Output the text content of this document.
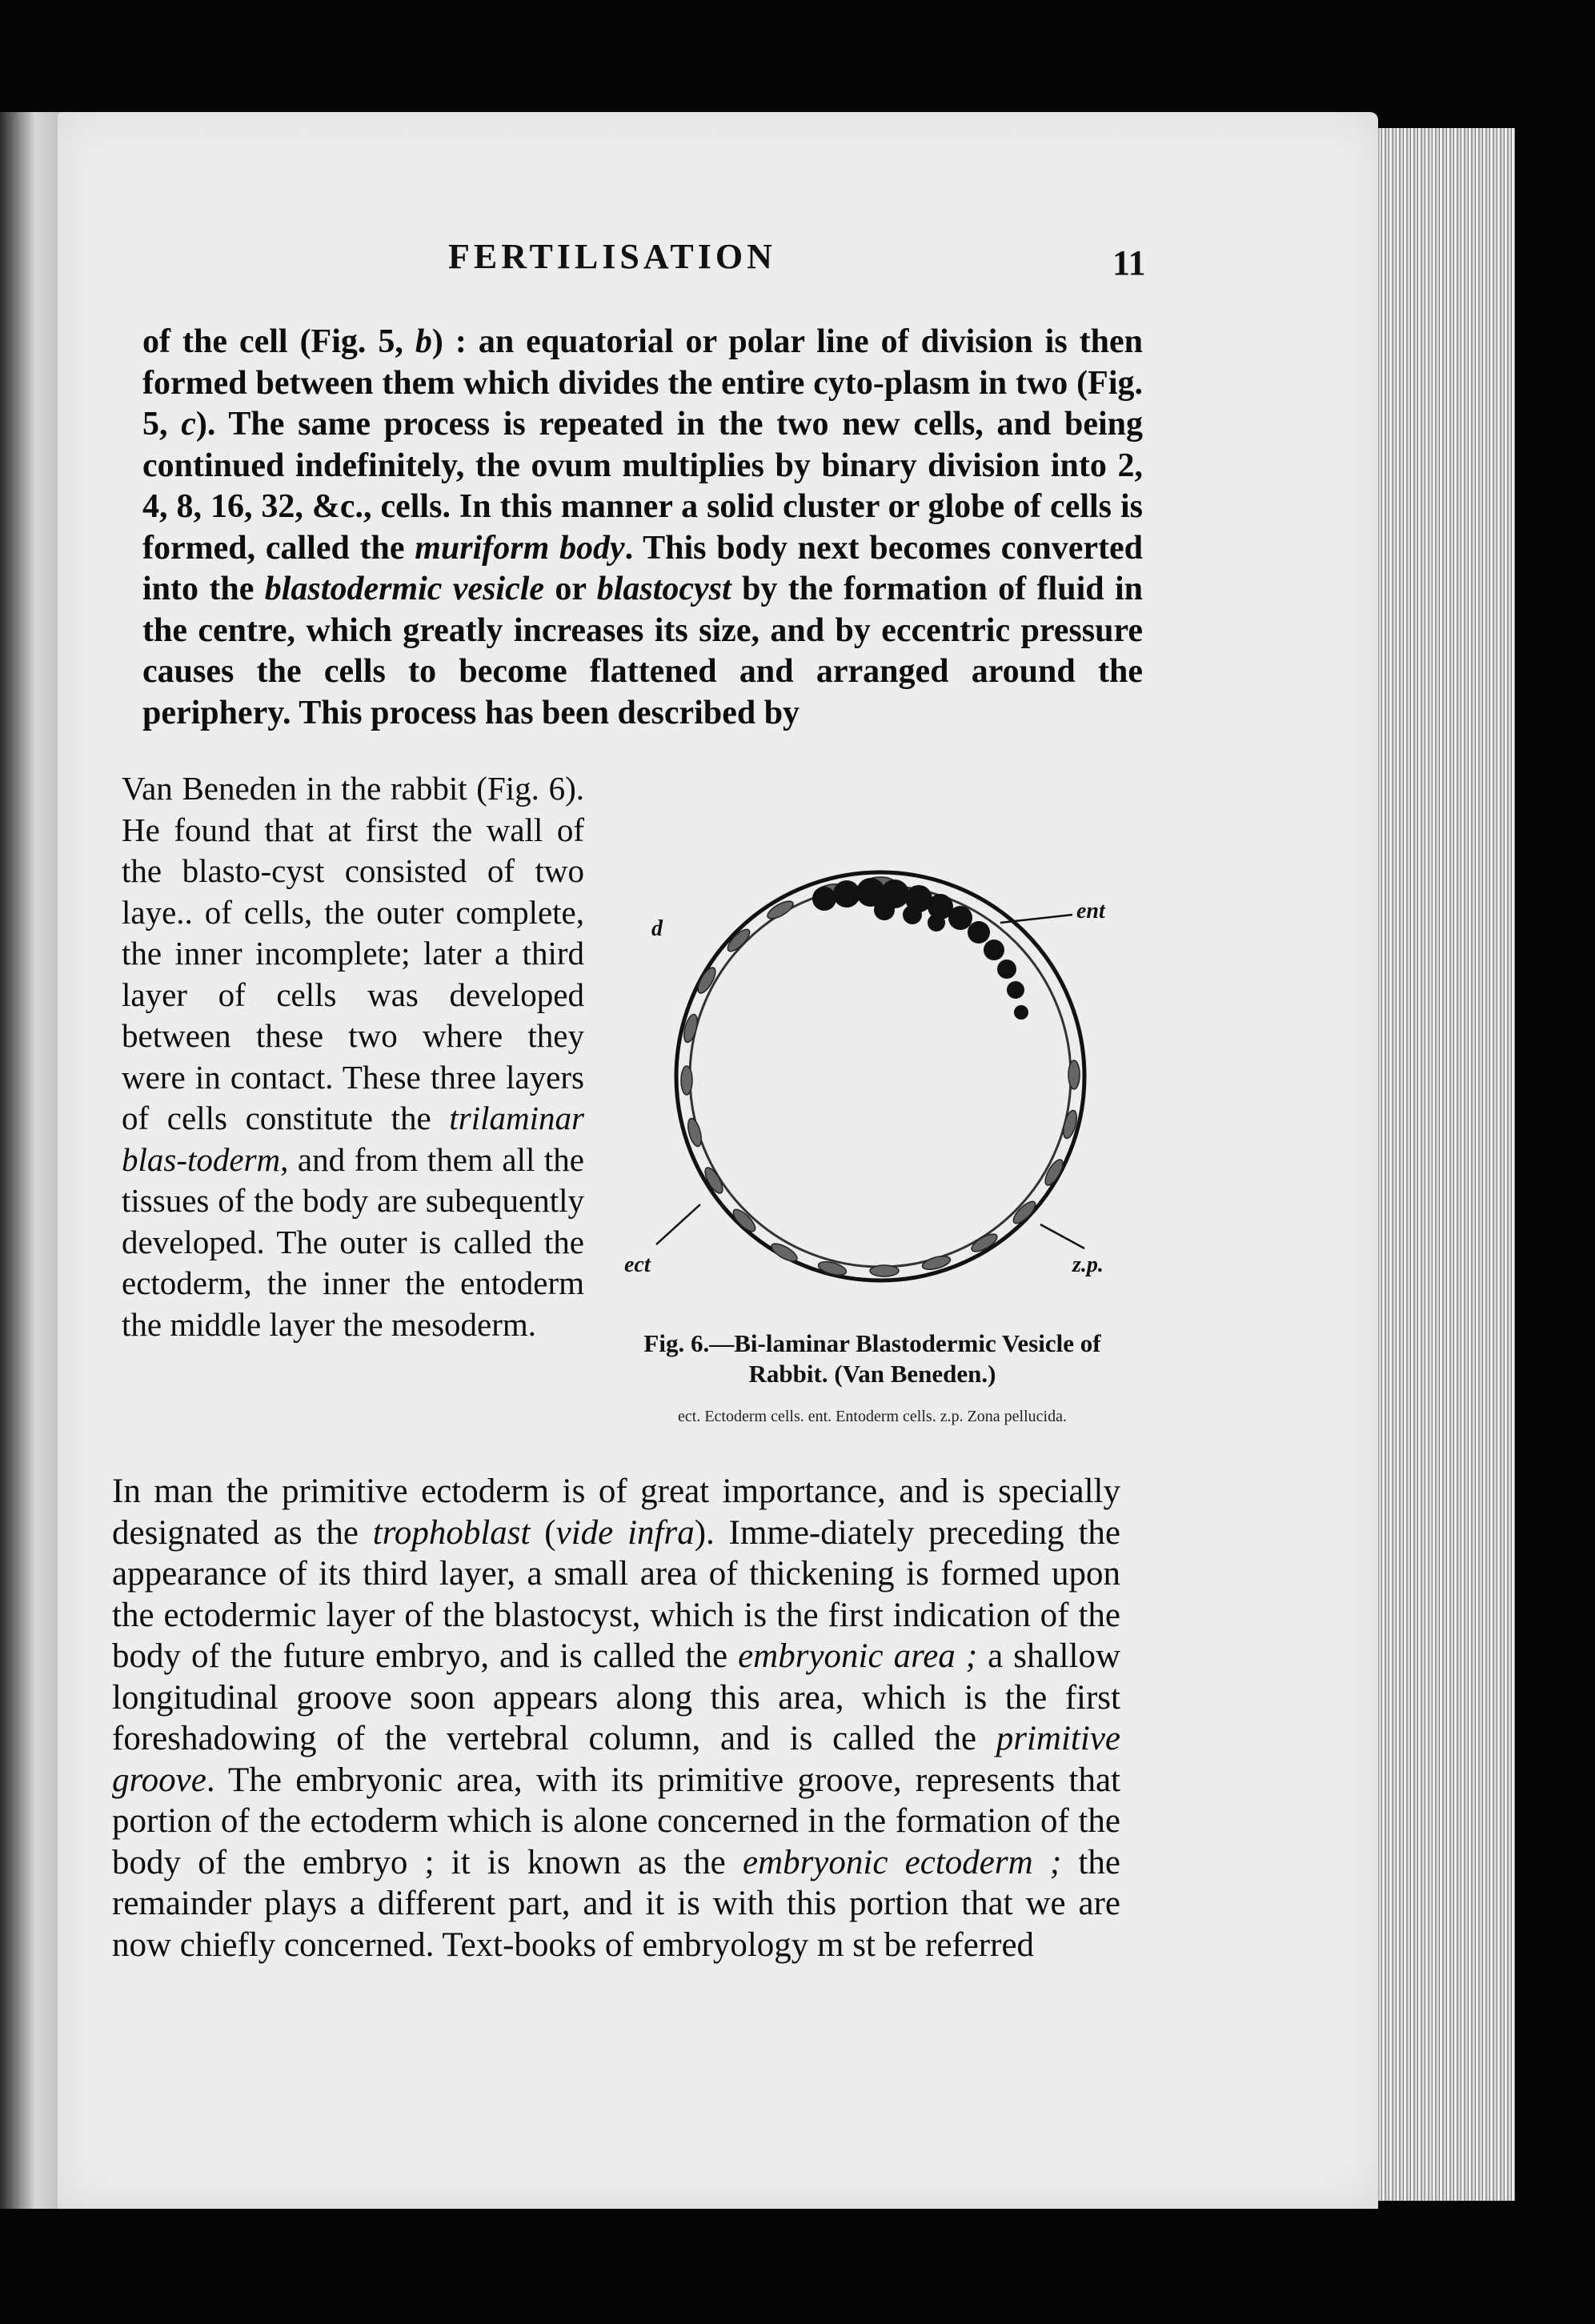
FERTILISATION	11

of the cell (Fig. 5, b) : an equatorial or polar line of division is then formed between them which divides the entire cyto-plasm in two (Fig. 5, c). The same process is repeated in the two new cells, and being continued indefinitely, the ovum multiplies by binary division into 2, 4, 8, 16, 32, &c., cells. In this manner a solid cluster or globe of cells is formed, called the muriform body. This body next becomes converted into the blastodermic vesicle or blastocyst by the formation of fluid in the centre, which greatly increases its size, and by eccentric pressure causes the cells to become flattened and arranged around the periphery. This process has been described by

Van Beneden in the rabbit (Fig. 6). He found that at first the wall of the blasto-cyst consisted of two laye.. of cells, the outer complete, the inner incomplete; later a third layer of cells was developed between these two where they were in contact. These three layers of cells constitute the trilaminar blas-toderm, and from them all the tissues of the body are subequently developed. The outer is called the ectoderm, the inner the entoderm the middle layer the mesoderm.

d
ent
ect	z.p.
Fig. 6.—Bi-laminar Blastodermic Vesicle of Rabbit. (Van Beneden.)
ect. Ectoderm cells. ent. Entoderm cells. z.p. Zona pellucida.

In man the primitive ectoderm is of great importance, and is specially designated as the trophoblast (vide infra). Imme-diately preceding the appearance of its third layer, a small area of thickening is formed upon the ectodermic layer of the blastocyst, which is the first indication of the body of the future embryo, and is called the embryonic area ; a shallow longitudinal groove soon appears along this area, which is the first foreshadowing of the vertebral column, and is called the primitive groove. The embryonic area, with its primitive groove, represents that portion of the ectoderm which is alone concerned in the formation of the body of the embryo ; it is known as the embryonic ectoderm ; the remainder plays a different part, and it is with this portion that we are now chiefly concerned. Text-books of embryology m st be referred
